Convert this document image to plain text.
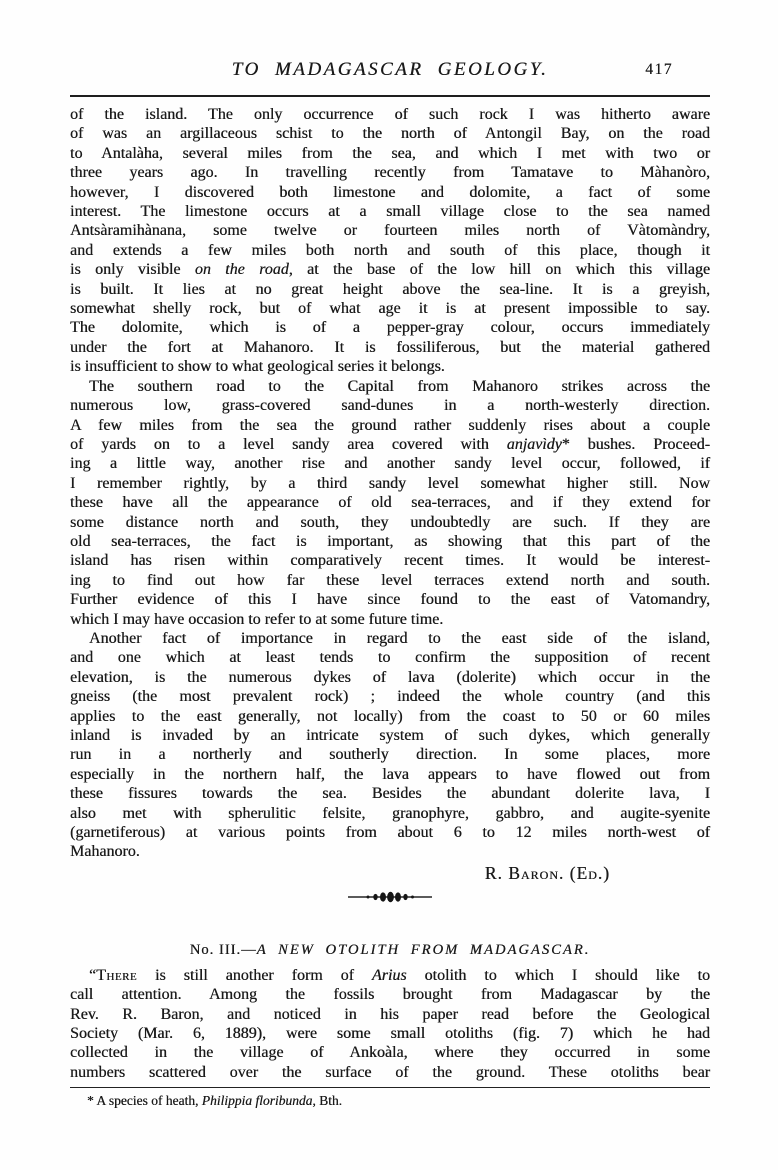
TO MADAGASCAR GEOLOGY.	417
of the island. The only occurrence of such rock I was hitherto aware
of was an argillaceous schist to the north of Antongil Bay, on the road
to Antalàha, several miles from the sea, and which I met with two or
three years ago. In travelling recently from Tamatave to Màhanòro,
however, I discovered both limestone and dolomite, a fact of some
interest. The limestone occurs at a small village close to the sea named
Antsàramihànana, some twelve or fourteen miles north of Vàtomàndry,
and extends a few miles both north and south of this place, though it
is only visible on the road, at the base of the low hill on which this village
is built. It lies at no great height above the sea-line. It is a greyish,
somewhat shelly rock, but of what age it is at present impossible to say.
The dolomite, which is of a pepper-gray colour, occurs immediately
under the fort at Mahanoro. It is fossiliferous, but the material gathered
is insufficient to show to what geological series it belongs.
The southern road to the Capital from Mahanoro strikes across the
numerous low, grass-covered sand-dunes in a north-westerly direction.
A few miles from the sea the ground rather suddenly rises about a couple
of yards on to a level sandy area covered with anjavìdy* bushes. Proceed-
ing a little way, another rise and another sandy level occur, followed, if
I remember rightly, by a third sandy level somewhat higher still. Now
these have all the appearance of old sea-terraces, and if they extend for
some distance north and south, they undoubtedly are such. If they are
old sea-terraces, the fact is important, as showing that this part of the
island has risen within comparatively recent times. It would be interest-
ing to find out how far these level terraces extend north and south.
Further evidence of this I have since found to the east of Vatomandry,
which I may have occasion to refer to at some future time.
Another fact of importance in regard to the east side of the island,
and one which at least tends to confirm the supposition of recent
elevation, is the numerous dykes of lava (dolerite) which occur in the
gneiss (the most prevalent rock) ; indeed the whole country (and this
applies to the east generally, not locally) from the coast to 50 or 60 miles
inland is invaded by an intricate system of such dykes, which generally
run in a northerly and southerly direction. In some places, more
especially in the northern half, the lava appears to have flowed out from
these fissures towards the sea. Besides the abundant dolerite lava, I
also met with spherulitic felsite, granophyre, gabbro, and augite-syenite
(garnetiferous) at various points from about 6 to 12 miles north-west of
Mahanoro.
R. Baron. (Ed.)
No. III.—A NEW OTOLITH FROM MADAGASCAR.
“There is still another form of Arius otolith to which I should like to
call attention. Among the fossils brought from Madagascar by the
Rev. R. Baron, and noticed in his paper read before the Geological
Society (Mar. 6, 1889), were some small otoliths (fig. 7) which he had
collected in the village of Ankoàla, where they occurred in some
numbers scattered over the surface of the ground. These otoliths bear
* A species of heath, Philippia floribunda, Bth.
